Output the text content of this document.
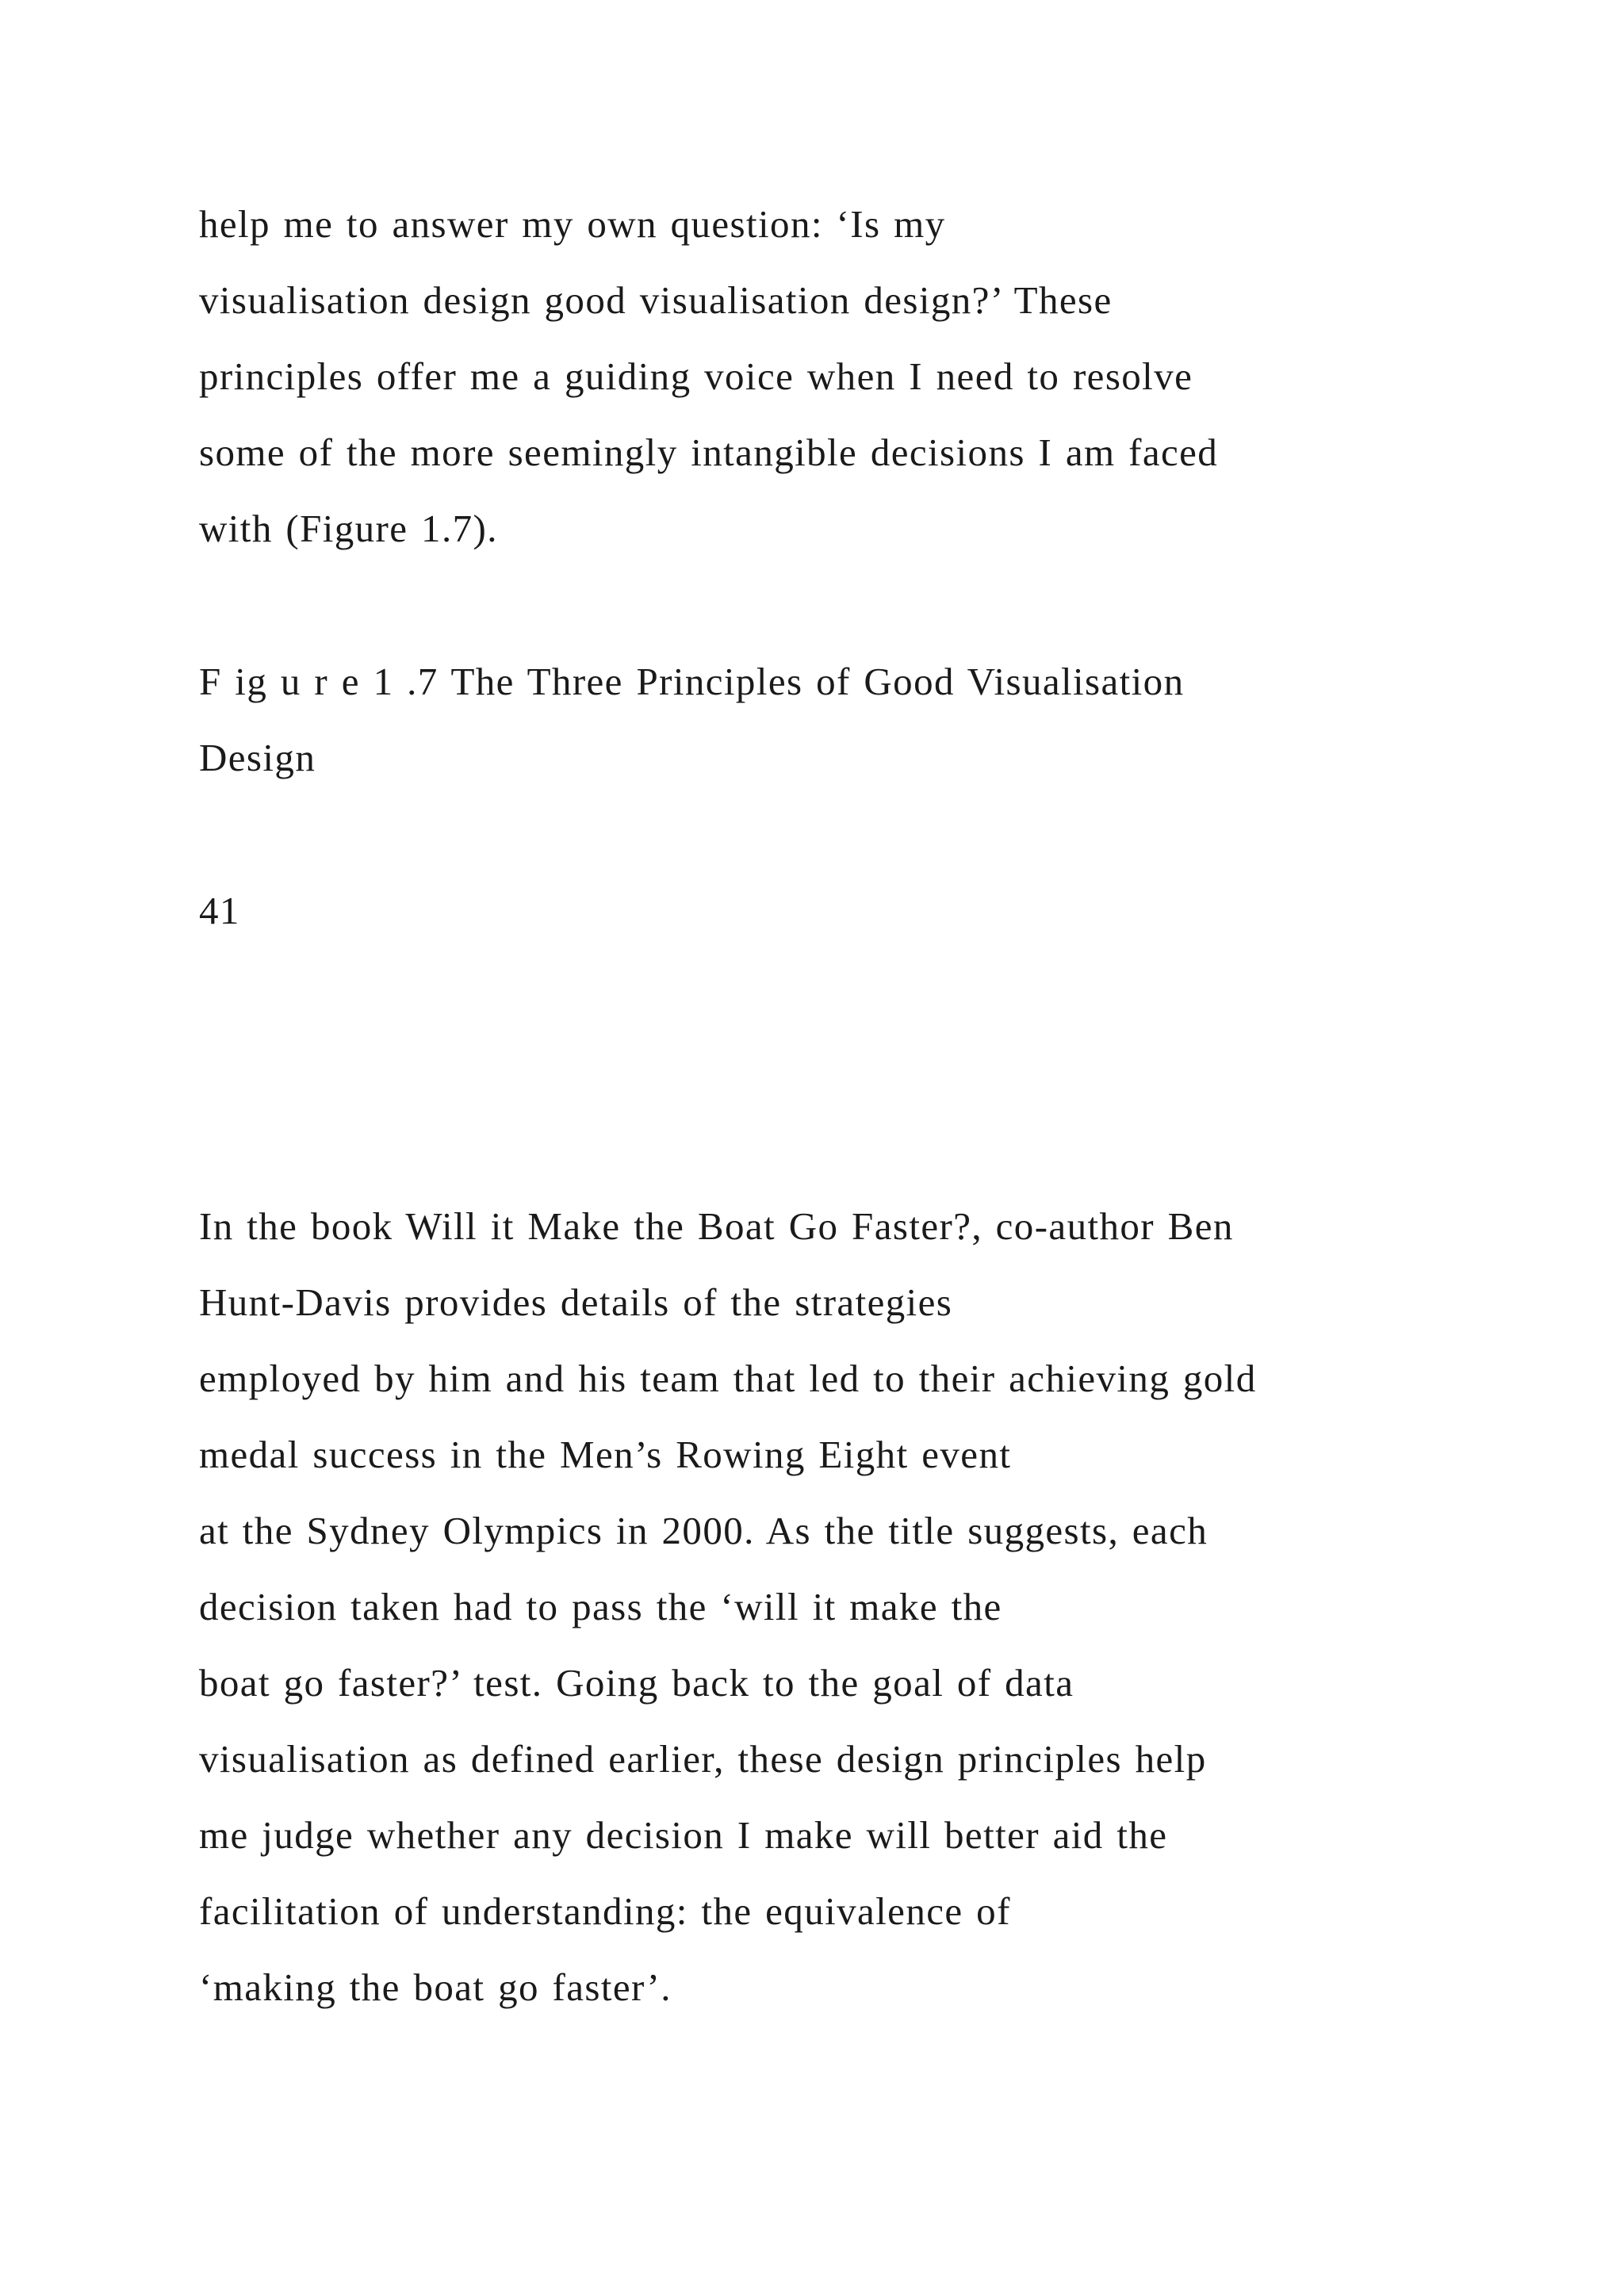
help me to answer my own question: ‘Is my
visualisation design good visualisation design?’ These
principles offer me a guiding voice when I need to resolve
some of the more seemingly intangible decisions I am faced
with (Figure 1.7).
F ig u r e 1 .7 The Three Principles of Good Visualisation
Design
41
In the book Will it Make the Boat Go Faster?, co-author Ben
Hunt-Davis provides details of the strategies
employed by him and his team that led to their achieving gold
medal success in the Men’s Rowing Eight event
at the Sydney Olympics in 2000. As the title suggests, each
decision taken had to pass the ‘will it make the
boat go faster?’ test. Going back to the goal of data
visualisation as defined earlier, these design principles help
me judge whether any decision I make will better aid the
facilitation of understanding: the equivalence of
‘making the boat go faster’.
